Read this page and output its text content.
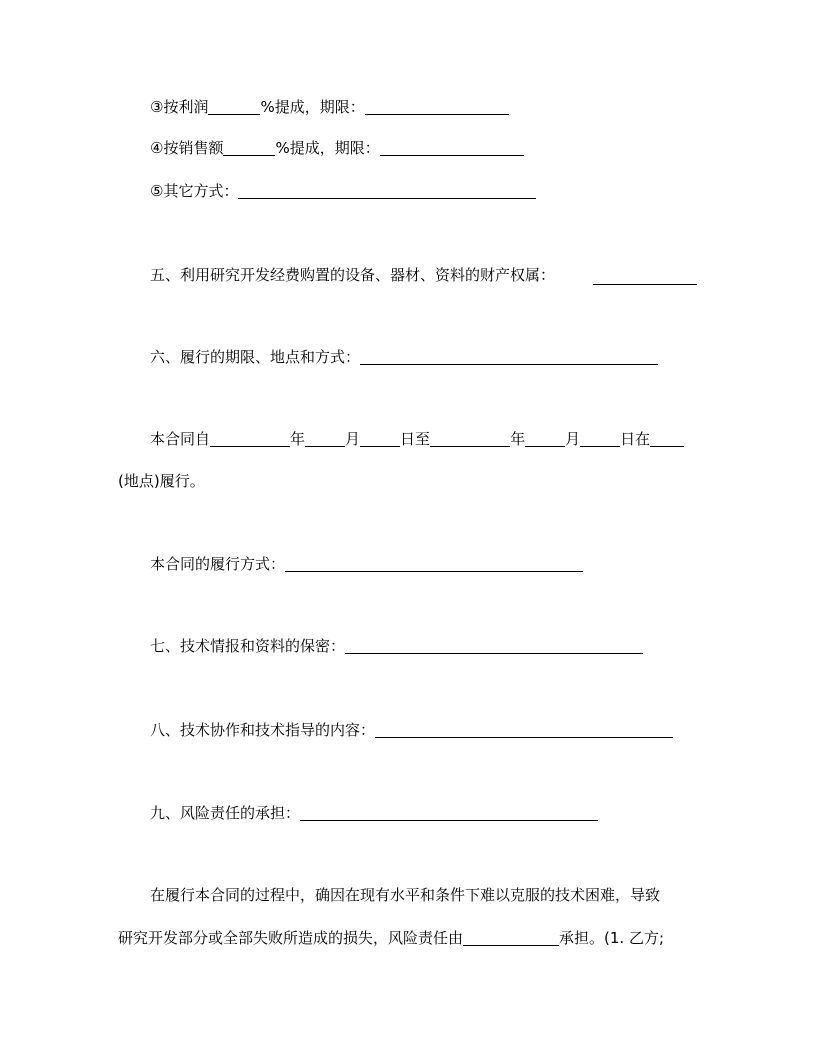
③按利润	%提成，期限：
④按销售额	%提成，期限：
⑤其它方式：
五、利用研究开发经费购置的设备、器材、资料的财产权属：
六、履行的期限、地点和方式：
本合同自	年	月	日至	年	月	日在
(地点)履行。
本合同的履行方式：
七、技术情报和资料的保密：
八、技术协作和技术指导的内容：
九、风险责任的承担：
在履行本合同的过程中，确因在现有水平和条件下难以克服的技术困难，导致
研究开发部分或全部失败所造成的损失，风险责任由	承担。(1. 乙方;
